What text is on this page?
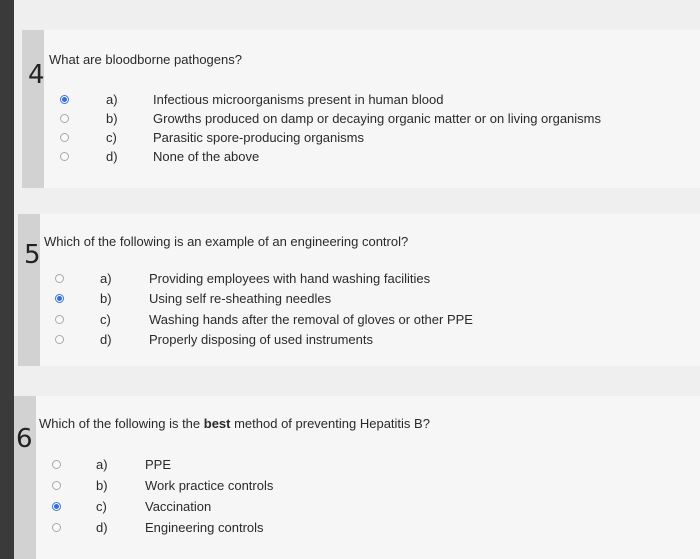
4
What are bloodborne pathogens?
a)	Infectious microorganisms present in human blood
b)	Growths produced on damp or decaying organic matter or on living organisms
c)	Parasitic spore-producing organisms
d)	None of the above
5 Which of the following is an example of an engineering control?
a)	Providing employees with hand washing facilities
b)	Using self re-sheathing needles
c)	Washing hands after the removal of gloves or other PPE
d)	Properly disposing of used instruments
6
Which of the following is the best method of preventing Hepatitis B?
a)	PPE
b)	Work practice controls
c)	Vaccination
d)	Engineering controls
